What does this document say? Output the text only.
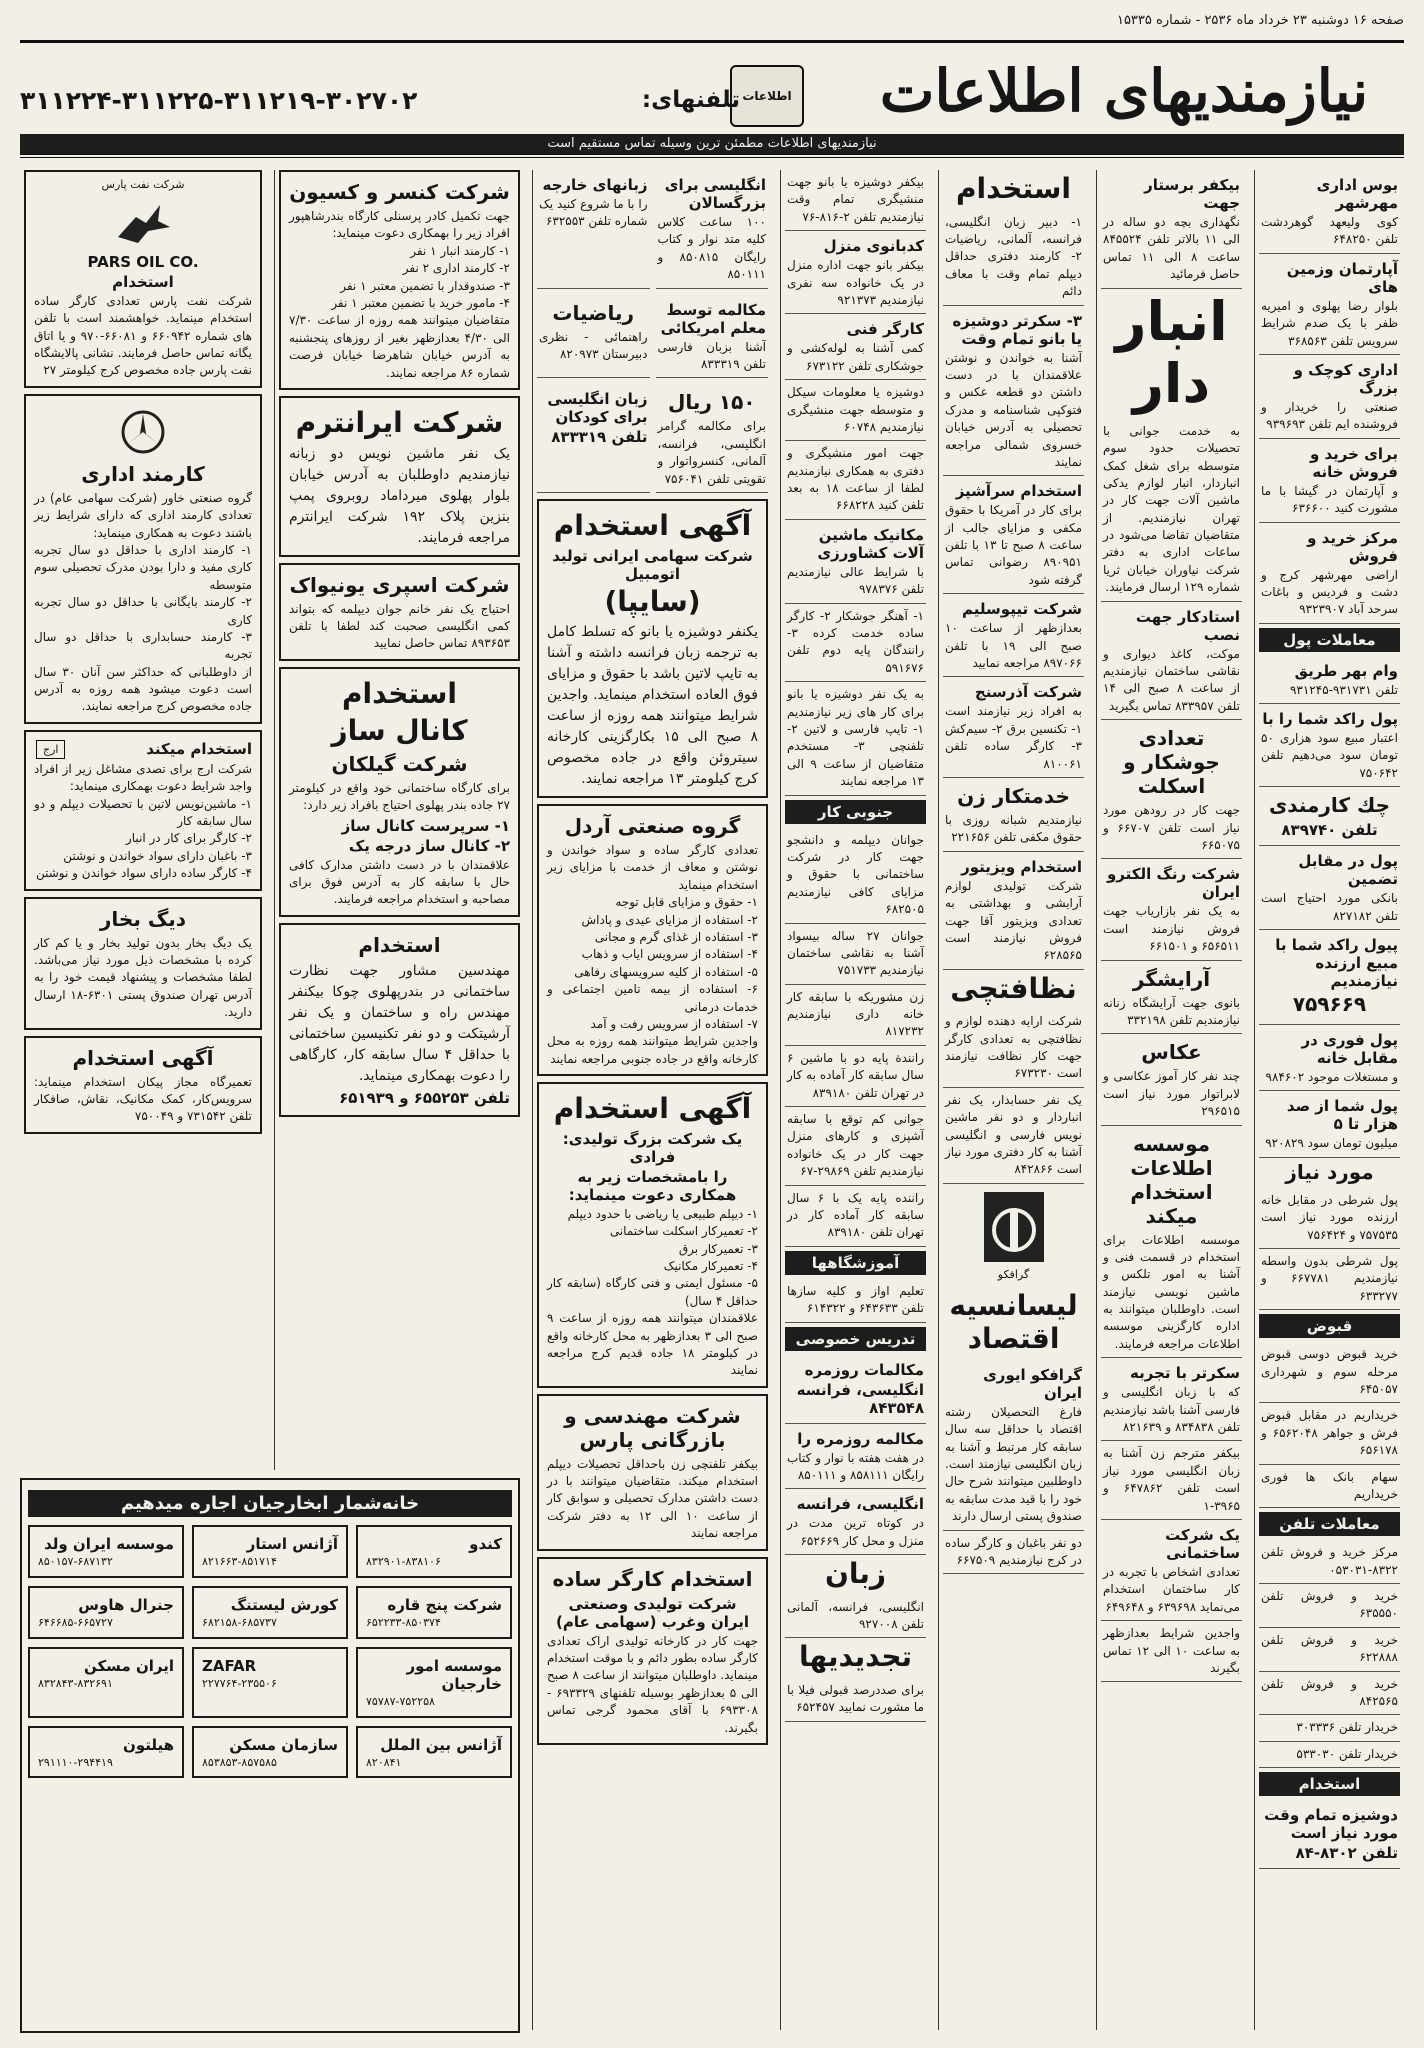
صفحه ۱۶ دوشنبه ۲۳ خرداد ماه ۲۵۳۶ - شماره ۱۵۳۳۵
نیازمندیهای اطلاعات
اطلاعات
تلفنهای:
۳۱۱۲۲۴-۳۱۱۲۲۵-۳۱۱۲۱۹-۳۰۲۷۰۲
نیازمندیهای اطلاعات مطمئن ترین وسیله تماس مستقیم است
بوس اداری مهرشهر
کوی ولیعهد گوهردشت تلفن ۶۴۸۲۵۰
آپارتمان وزمین های
بلوار رضا پهلوی و امیریه ظفر با یک صدم شرایط سرویس تلفن ۳۶۸۵۶۳
اداری کوچک و بزرگ
صنعتی را خریدار و فروشنده ایم تلفن ۹۳۹۶۹۳
برای خرید و فروش خانه
و آپارتمان در گیشا با ما مشورت کنید ۶۳۶۶۰۰
مرکز خرید و فروش
اراضی مهرشهر کرج و دشت و فردیس و باغات سرحد آباد ۹۳۲۳۹۰۷
معاملات پول
وام بهر طریق
تلفن ۹۳۱۷۳۱-۹۳۱۲۴۵
پول راکد شما را با
اعتبار مبیع سود هزاری ۵۰ تومان سود می‌دهیم تلفن ۷۵۰۶۴۲
چك كارمندی
تلفن ۸۳۹۷۴۰
پول در مقابل تضمین
بانکی مورد احتیاج است تلفن ۸۲۷۱۸۲
پیول راکد شما با مبیع ارزنده نیازمندیم
۷۵۹۶۶۹
پول فوری در مقابل خانه
و مستغلات موجود ۹۸۴۶۰۲
پول شما از صد هزار تا ۵
میلیون تومان سود ۹۲۰۸۲۹
مورد نیاز
پول شرطی در مقابل خانه ارزنده مورد نیاز است ۷۵۷۵۳۵ و ۷۵۶۴۲۴
پول شرطی بدون واسطه نیازمندیم ۶۶۷۷۸۱ و ۶۳۳۲۷۷
قبوض
خرید قبوض دوسی قبوض مرحله سوم و شهرداری ۶۴۵۰۵۷
خریداریم در مقابل قبوض فرش و جواهر ۶۵۶۲۰۴۸ و ۶۵۶۱۷۸
سهام بانک ها فوری خریداریم
معاملات تلفن
مرکز خرید و فروش تلفن ۸۳۲۲-۰۵۳۰۳۱
خرید و فروش تلفن ۶۳۵۵۵۰
خرید و فروش تلفن ۶۲۲۸۸۸
خرید و فروش تلفن ۸۴۲۵۶۵
خریدار تلفن ۳۰۳۳۳۶
خریدار تلفن ۵۳۳۰۳۰
استخدام
دوشیزه تمام وقت مورد نیاز است
تلفن ۸۳۰۲-۸۴
بیکفر برستار جهت
نگهداری بچه دو ساله در الی ۱۱ بالاتر تلفن ۸۴۵۵۲۴ ساعت ۸ الی ۱۱ تماس حاصل فرمائید
انبار دار
به خدمت جوانی با تحصیلات حدود سوم متوسطه برای شغل کمک انباردار، انبار لوازم یدکی ماشین آلات جهت کار در تهران نیازمندیم. از متقاضیان تقاضا می‌شود در ساعات اداری به دفتر شرکت نیاوران خیابان ثریا شماره ۱۲۹ ارسال فرمایند.
استادکار جهت نصب
موکت، کاغذ دیواری و نقاشی ساختمان نیازمندیم از ساعت ۸ صبح الی ۱۴ تلفن ۸۳۳۹۵۷ تماس بگیرید
تعدادی جوشکار و اسکلت
جهت کار در رودهن مورد نیاز است تلفن ۶۶۷۰۷ و ۶۶۵۰۷۵
شرکت رنگ الکترو ایران
به یک نفر بازاریاب جهت فروش نیازمند است ۶۵۶۵۱۱ و ۶۶۱۵۰۱
آرایشگر
بانوی جهت آرایشگاه زنانه نیازمندیم تلفن ۳۳۲۱۹۸
عکاس
چند نفر کار آموز عکاسی و لابراتوار مورد نیاز است ۲۹۶۵۱۵
موسسه اطلاعات استخدام میکند
موسسه اطلاعات برای استخدام در قسمت فنی و آشنا به امور تلکس و ماشین نویسی نیازمند است. داوطلبان میتوانند به اداره کارگزینی موسسه اطلاعات مراجعه فرمایند.
سکرتر با تجربه
که با زبان انگلیسی و فارسی آشنا باشد نیازمندیم تلفن ۸۳۴۸۳۸ و ۸۲۱۶۳۹
بیکفر مترجم زن آشنا به زبان انگلیسی مورد نیاز است تلفن ۶۴۷۸۶۲ و ۳۹۶۵-۱
یک شرکت ساختمانی
تعدادی اشخاص با تجربه در کار ساختمان استخدام می‌نماید ۶۳۹۶۹۸ و ۶۴۹۶۴۸
واجدین شرایط بعدازظهر به ساعت ۱۰ الی ۱۲ تماس بگیرند
استخدام
۱- دبیر زبان انگلیسی، فرانسه، آلمانی، ریاضیات ۲- کارمند دفتری حداقل دیپلم تمام وقت با معاف دائم
۳- سکرتر دوشیزه یا بانو تمام وقت
آشنا به خواندن و نوشتن علاقمندان با در دست داشتن دو قطعه عکس و فتوکپی شناسنامه و مدرک تحصیلی به آدرس خیابان خسروی شمالی مراجعه نمایند
استخدام سرآشپز
برای کار در آمریکا با حقوق مکفی و مزایای جالب از ساعت ۸ صبح تا ۱۳ با تلفن ۸۹۰۹۵۱ رضوانی تماس گرفته شود
شرکت تیپوسلیم
بعدازظهر از ساعت ۱۰ صبح الی ۱۹ با تلفن ۸۹۷۰۶۶ مراجعه نمایید
شرکت آذرسنج
به افراد زیر نیازمند است ۱- تکنسین برق ۲- سیم‌کش ۳- کارگر ساده تلفن ۸۱۰۰۶۱
خدمتکار زن
نیازمندیم شبانه روزی با حقوق مکفی تلفن ۲۲۱۶۵۶
استخدام ویزیتور
شرکت تولیدی لوازم آرایشی و بهداشتی به تعدادی ویزیتور آقا جهت فروش نیازمند است ۶۲۸۵۶۵
نظافتچی
شرکت ارایه دهنده لوازم و نظافتچی به تعدادی کارگر جهت کار نظافت نیازمند است ۶۷۳۲۳۰
یک نفر حسابدار، یک نفر انباردار و دو نفر ماشین نویس فارسی و انگلیسی آشنا به کار دفتری مورد نیاز است ۸۴۲۸۶۶
گرافکو
لیسانسیه اقتصاد
گرافکو ایوری ایران
فارغ التحصیلان رشته اقتصاد با حداقل سه سال سابقه کار مرتبط و آشنا به زبان انگلیسی نیازمند است. داوطلبین میتوانند شرح حال خود را با قید مدت سابقه به صندوق پستی ارسال دارند
دو نفر باغبان و کارگر ساده در کرج نیازمندیم ۶۶۷۵۰۹
بیکفر دوشیزه یا بانو جهت منشیگری تمام وقت نیازمندیم تلفن ۲-۸۱۶-۷۶
کدبانوی منزل
بیکفر بانو جهت اداره منزل در یک خانواده سه نفری نیازمندیم ۹۲۱۳۷۳
کارگر فنی
کمی آشنا به لوله‌کشی و جوشکاری تلفن ۶۷۳۱۲۲
دوشیزه یا معلومات سیکل و متوسطه جهت منشیگری نیازمندیم ۶۰۷۴۸
جهت امور منشیگری و دفتری به همکاری نیازمندیم لطفا از ساعت ۱۸ به بعد تلفن کنید ۶۶۸۲۲۸
مکانیک ماشین آلات کشاورزی
با شرایط عالی نیازمندیم تلفن ۹۷۸۳۷۶
۱- آهنگر جوشکار ۲- کارگر ساده خدمت کرده ۳- رانندگان پایه دوم تلفن ۵۹۱۶۷۶
به یک نفر دوشیزه یا بانو برای کار های زیر نیازمندیم ۱- تایپ فارسی و لاتین ۲- تلفنچی ۳- مستخدم متقاضیان از ساعت ۹ الی ۱۳ مراجعه نمایند
جنوبی کار
جوانان دیپلمه و دانشجو جهت کار در شرکت ساختمانی با حقوق و مزایای کافی نیازمندیم ۶۸۲۵۰۵
جوانان ۲۷ ساله بیسواد آشنا به نقاشی ساختمان نیازمندیم ۷۵۱۷۳۳
زن مشوریکه با سابقه کار خانه داری نیازمندیم ۸۱۷۲۳۲
رانندة پایه دو با ماشین ۶ سال سابقه کار آماده به کار در تهران تلفن ۸۳۹۱۸۰
جوانی کم توقع با سابقه آشپزی و کارهای منزل جهت کار در یک خانواده نیازمندیم تلفن ۲۹۸۶۹-۶۷
راننده پایه یک با ۶ سال سابقه کار آماده کار در تهران تلفن ۸۳۹۱۸۰
آموزشگاهها
تعلیم اواز و کلیه سازها تلفن ۶۴۳۶۳۳ و ۶۱۴۳۲۲
تدریس خصوصی
مکالمات روزمره
انگلیسی، فرانسه ۸۴۳۵۴۸
مکالمه روزمره را
در هفت هفته با نوار و کتاب رایگان ۸۵۸۱۱۱ و ۸۵۰۱۱۱
انگلیسی، فرانسه
در کوتاه ترین مدت در منزل و محل کار ۶۵۲۶۶۹
زبان
انگلیسی، فرانسه، آلمانی تلفن ۹۲۷۰۰۸
تجدیدیها
برای صددرصد قبولی فیلا با ما مشورت نمایید ۶۵۲۴۵۷
انگلیسی برای بزرگسالان
۱۰۰ ساعت کلاس کلیه متد نوار و کتاب رایگان ۸۵۰۸۱۵ و ۸۵۰۱۱۱
زبانهای خارجه
را با ما شروع کنید یک شماره تلفن ۶۳۲۵۵۳
مکالمه توسط معلم امریکائی
آشنا بزبان فارسی تلفن ۸۳۳۳۱۹
ریاضیات
راهنمائی - نظری دبیرستان ۸۲۰۹۷۳
۱۵۰ ریال
برای مکالمه گرامر انگلیسی، فرانسه، آلمانی، کنسرواتوار و تقویتی تلفن ۷۵۶۰۴۱
زبان انگلیسی برای کودکان
تلفن ۸۳۳۳۱۹
آگهی استخدام
شرکت سهامی ایرانی تولید اتومبیل
(سایپا)
یکنفر دوشیزه یا بانو که تسلط کامل به ترجمه زبان فرانسه داشته و آشنا به تایپ لاتین باشد با حقوق و مزایای فوق العاده استخدام مینماید. واجدین شرایط میتوانند همه روزه از ساعت ۸ صبح الی ۱۵ بکارگزینی کارخانه سیتروئن واقع در جاده مخصوص کرج کیلومتر ۱۳ مراجعه نمایند.
گروه صنعتی آردل
تعدادی کارگر ساده و سواد خواندن و نوشتن و معاف از خدمت با مزایای زیر استخدام مینماید
۱- حقوق و مزایای قابل توجه
۲- استفاده از مزایای عیدی و پاداش
۳- استفاده از غذای گرم و مجانی
۴- استفاده از سرویس ایاب و ذهاب
۵- استفاده از کلیه سرویسهای رفاهی
۶- استفاده از بیمه تامین اجتماعی و خدمات درمانی
۷- استفاده از سرویس رفت و آمد
واجدین شرایط میتوانند همه روزه به محل کارخانه واقع در جاده جنوبی مراجعه نمایند
آگهی استخدام
یک شرکت بزرگ تولیدی: فرادی
را بامشخصات زیر به همکاری دعوت مینماید:
۱- دیپلم طبیعی یا ریاضی با حدود دیپلم
۲- تعمیرکار اسکلت ساختمانی
۳- تعمیرکار برق
۴- تعمیرکار مکانیک
۵- مسئول ایمنی و فنی کارگاه (سابقه کار حداقل ۴ سال)
علاقمندان میتوانند همه روزه از ساعت ۹ صبح الی ۳ بعدازظهر به محل کارخانه واقع در کیلومتر ۱۸ جاده قدیم کرج مراجعه نمایند
شرکت مهندسی و بازرگانی پارس
بیکفر تلفنچی زن باحداقل تحصیلات دیپلم استخدام میکند. متقاضیان میتوانند با در دست داشتن مدارک تحصیلی و سوابق کار از ساعت ۱۰ الی ۱۲ به دفتر شرکت مراجعه نمایند
استخدام کارگر ساده
شرکت تولیدی وصنعتی ایران وغرب (سهامی عام)
جهت کار در کارخانه تولیدی اراک تعدادی کارگر ساده بطور دائم و با موقت استخدام مینماید. داوطلبان میتوانند از ساعت ۸ صبح الی ۵ بعدازظهر بوسیله تلفنهای ۶۹۳۳۲۹ - ۶۹۳۳۰۸ با آقای محمود گرجی تماس بگیرند.
شرکت کنسر و کسیون
جهت تکمیل کادر پرسنلی کارگاه بندرشاهپور افراد زیر را بهمکاری دعوت مینماید:
۱- کارمند انبار ۱ نفر
۲- کارمند اداری ۲ نفر
۳- صندوقدار با تضمین معتبر ۱ نفر
۴- مامور خرید با تضمین معتبر ۱ نفر
متقاضیان میتوانند همه روزه از ساعت ۷/۳۰ الی ۴/۳۰ بعدازظهر بغیر از روزهای پنجشنبه به آدرس خیابان شاهرضا خیابان فرصت شماره ۸۶ مراجعه نمایند.
شرکت ایرانترم
یک نفر ماشین نویس دو زبانه نیازمندیم داوطلبان به آدرس خیابان بلوار پهلوی میرداماد روبروی پمپ بنزین پلاک ۱۹۲ شرکت ایرانترم مراجعه فرمایند.
شرکت اسپری یونیواک
احتیاج یک نفر خانم جوان دیپلمه که بتواند کمی انگلیسی صحبت کند لطفا با تلفن ۸۹۳۶۵۳ تماس حاصل نمایید
استخدام
کانال ساز
شرکت گیلکان
برای کارگاه ساختمانی خود واقع در کیلومتر ۲۷ جاده بندر پهلوی احتیاج بافراد زیر دارد:
۱- سرپرست کانال ساز
۲- کانال ساز درجه یک
علاقمندان با در دست داشتن مدارک کافی حال با سابقه کار به آدرس فوق برای مصاحبه و استخدام مراجعه فرمایند.
استخدام
مهندسین مشاور جهت نظارت ساختمانی در بندرپهلوی چوکا بیکنفر مهندس راه و ساختمان و یک نفر آرشیتکت و دو نفر تکنیسین ساختمانی با حداقل ۴ سال سابقه کار، کارگاهی را دعوت بهمکاری مینماید.
تلفن ۶۵۵۲۵۳ و ۶۵۱۹۳۹
شرکت نفت پارس
PARS OIL CO.
استخدام
شرکت نفت پارس تعدادی کارگر ساده استخدام مینماید. خواهشمند است با تلفن های شماره ۶۶۰۹۴۲ و ۶۶۰۸۱-۹۷۰ و یا اتاق یگانه تماس حاصل فرمایند. نشانی پالایشگاه نفت پارس جاده مخصوص کرج کیلومتر ۲۷
کارمند اداری
گروه صنعتی خاور (شرکت سهامی عام) در تعدادی کارمند اداری که دارای شرایط زیر باشند دعوت به همکاری مینماید:
۱- کارمند اداری با حداقل دو سال تجربه کاری مفید و دارا بودن مدرک تحصیلی سوم متوسطه
۲- کارمند بایگانی با حداقل دو سال تجربه کاری
۳- کارمند حسابداری با حداقل دو سال تجربه
از داوطلبانی که حداکثر سن آنان ۳۰ سال است دعوت میشود همه روزه به آدرس جاده مخصوص کرج مراجعه نمایند.
استخدام میکند
ارج
شرکت ارج برای تصدی مشاغل زیر از افراد واجد شرایط دعوت بهمکاری مینماید:
۱- ماشین‌نویس لاتین با تحصیلات دیپلم و دو سال سابقه کار
۲- کارگر برای کار در انبار
۳- باغبان دارای سواد خواندن و نوشتن
۴- کارگر ساده دارای سواد خواندن و نوشتن
دیگ بخار
یک دیگ بخار بدون تولید بخار و یا کم کار کرده با مشخصات ذیل مورد نیاز می‌باشد. لطفا مشخصات و پیشنهاد قیمت خود را به آدرس تهران صندوق پستی ۶۳۰۱-۱۸ ارسال دارید.
آگهی استخدام
تعمیرگاه مجاز پیکان استخدام مینماید: سرویس‌کار، کمک مکانیک، نقاش، صافکار تلفن ۷۳۱۵۴۲ و ۷۵۰۰۴۹
خانه‌شمار ابخارجیان اجاره میدهیم
کندو
۸۳۲۹۰۱-۸۳۸۱۰۶
آژانس استار
۸۲۱۶۶۳-۸۵۱۷۱۴
موسسه ایران ولد
۸۵۰۱۵۷-۶۸۷۱۳۲
شرکت پنج قاره
۶۵۲۲۳۳-۸۵۰۳۷۴
کورش لیستنگ
۶۸۲۱۵۸-۶۸۵۷۳۷
جنرال هاوس
۶۴۶۶۸۵-۶۶۵۷۲۷
موسسه امور خارجیان
۷۵۷۸۷-۷۵۲۲۵۸
ZAFAR
۲۲۷۷۶۴-۲۳۵۵۰۶
ایران مسکن
۸۳۲۸۴۳-۸۳۲۶۹۱
آژانس بین الملل
۸۲۰۸۴۱
سازمان مسکن
۸۵۳۸۵۳-۸۵۷۵۸۵
هیلتون
۲۹۱۱۱۰-۲۹۴۴۱۹
